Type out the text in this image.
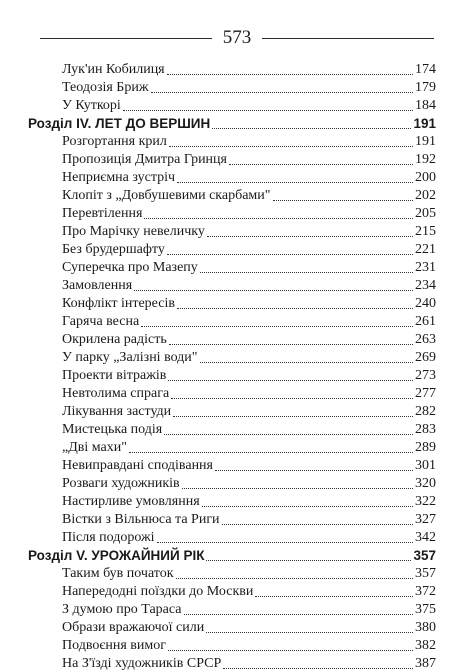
573
Лук'ин Кобилиця	174
Теодозія Бриж	179
У Куткорі	184
Розділ IV. ЛЕТ ДО ВЕРШИН	191
Розгортання крил	191
Пропозиція Дмитра Гринця	192
Неприємна зустріч	200
Клопіт з „Довбушевими скарбами"	202
Перевтілення	205
Про Марічку невеличку	215
Без брудершафту	221
Суперечка про Мазепу	231
Замовлення	234
Конфлікт інтересів	240
Гаряча весна	261
Окрилена радість	263
У парку „Залізні води"	269
Проекти вітражів	273
Невтолима спрага	277
Лікування застуди	282
Мистецька подія	283
„Дві махи"	289
Невиправдані сподівання	301
Розваги художників	320
Настирливе умовляння	322
Вістки з Вільнюса та Риги	327
Після подорожі	342
Розділ V. УРОЖАЙНИЙ РІК	357
Таким був початок	357
Напередодні поїздки до Москви	372
З думою про Тараса	375
Образи вражаючої сили	380
Подвоєння вимог	382
На З'їзді художників СРСР	387
